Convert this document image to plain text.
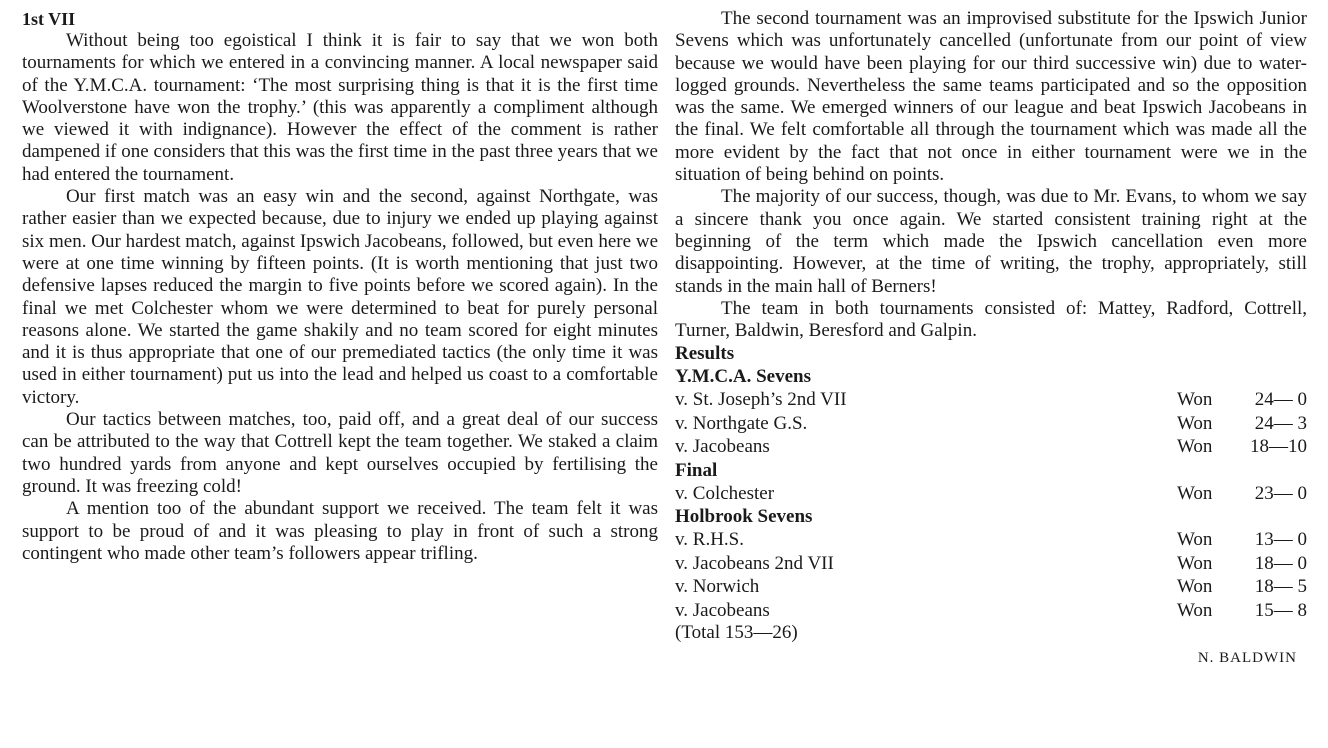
1st VII

Without being too egoistical I think it is fair to say that we won both tournaments for which we entered in a convincing manner. A local newspaper said of the Y.M.C.A. tournament: ‘The most surprising thing is that it is the first time Woolverstone have won the trophy.’ (this was apparently a compliment although we viewed it with indignance). However the effect of the comment is rather dampened if one considers that this was the first time in the past three years that we had entered the tournament.

Our first match was an easy win and the second, against Northgate, was rather easier than we expected because, due to injury we ended up playing against six men. Our hardest match, against Ipswich Jacobeans, followed, but even here we were at one time winning by fifteen points. (It is worth mentioning that just two defensive lapses reduced the margin to five points before we scored again). In the final we met Colchester whom we were determined to beat for purely personal reasons alone. We started the game shakily and no team scored for eight minutes and it is thus appropriate that one of our premediated tactics (the only time it was used in either tournament) put us into the lead and helped us coast to a comfortable victory.

Our tactics between matches, too, paid off, and a great deal of our success can be attributed to the way that Cottrell kept the team together. We staked a claim two hundred yards from anyone and kept ourselves occupied by fertilising the ground. It was freezing cold!

A mention too of the abundant support we received. The team felt it was support to be proud of and it was pleasing to play in front of such a strong contingent who made other team’s followers appear trifling.

The second tournament was an improvised substitute for the Ipswich Junior Sevens which was unfortunately cancelled (unfortunate from our point of view because we would have been playing for our third successive win) due to water-logged grounds. Nevertheless the same teams participated and so the opposition was the same. We emerged winners of our league and beat Ipswich Jacobeans in the final. We felt comfortable all through the tournament which was made all the more evident by the fact that not once in either tournament were we in the situation of being behind on points.

The majority of our success, though, was due to Mr. Evans, to whom we say a sincere thank you once again. We started consistent training right at the beginning of the term which made the Ipswich cancellation even more disappointing. However, at the time of writing, the trophy, appropriately, still stands in the main hall of Berners!

The team in both tournaments consisted of: Mattey, Radford, Cottrell, Turner, Baldwin, Beresford and Galpin.

Results

Y.M.C.A. Sevens

v. St. Joseph’s 2nd VII	Won	24— 0
v. Northgate G.S.	Won	24— 3
v. Jacobeans	Won	18—10

Final

v. Colchester	Won	23— 0

Holbrook Sevens

v. R.H.S.	Won	13— 0
v. Jacobeans 2nd VII	Won	18— 0
v. Norwich	Won	18— 5
v. Jacobeans	Won	15— 8

(Total 153—26)

N. BALDWIN
